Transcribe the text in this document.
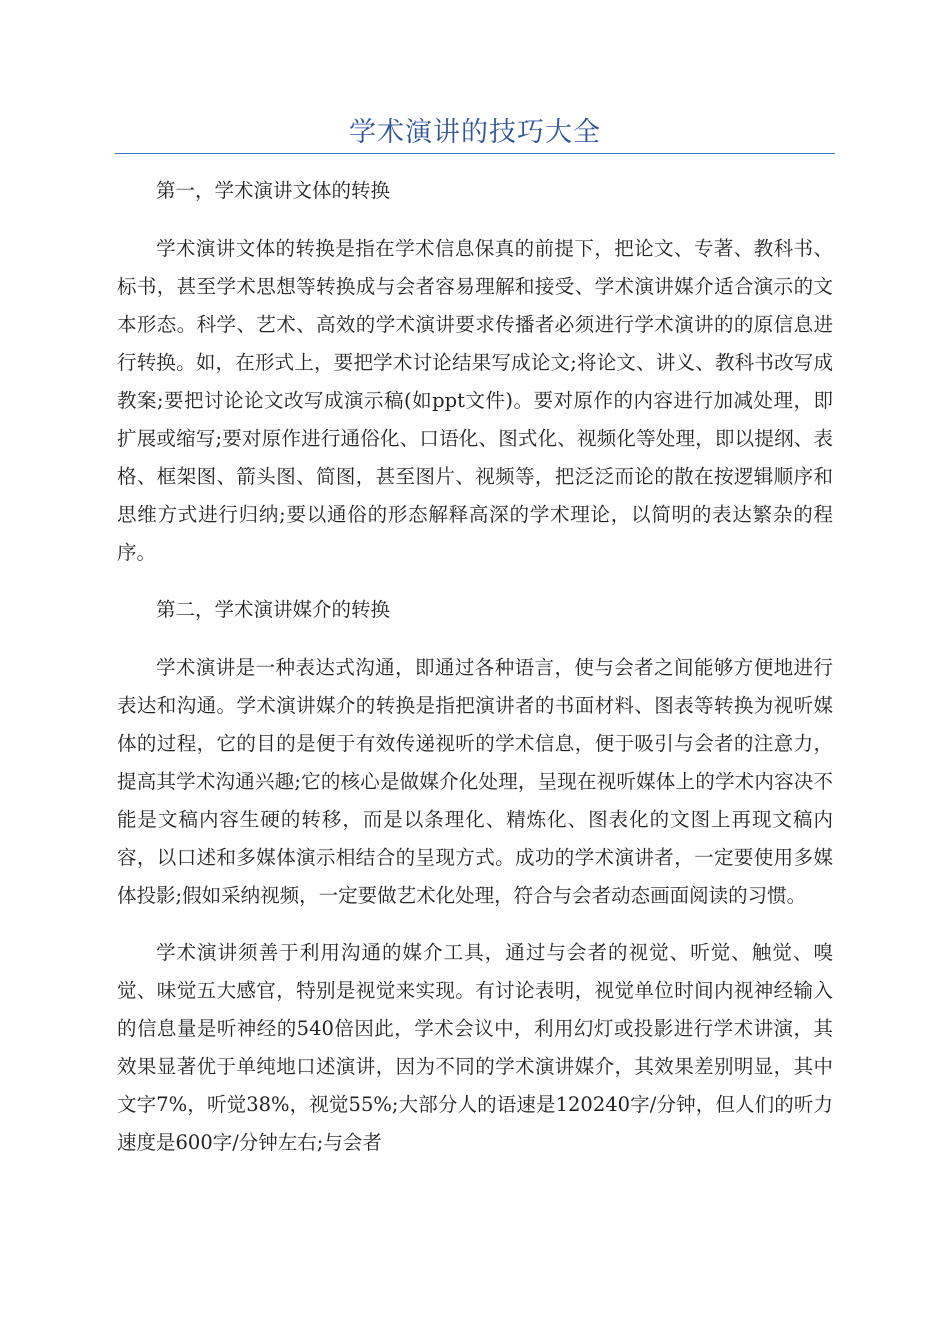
学术演讲的技巧大全

第一，学术演讲文体的转换

学术演讲文体的转换是指在学术信息保真的前提下，把论文、专著、教科书、标书，甚至学术思想等转换成与会者容易理解和接受、学术演讲媒介适合演示的文本形态。科学、艺术、高效的学术演讲要求传播者必须进行学术演讲的的原信息进行转换。如，在形式上，要把学术讨论结果写成论文;将论文、讲义、教科书改写成教案;要把讨论论文改写成演示稿(如ppt文件)。要对原作的内容进行加减处理，即扩展或缩写;要对原作进行通俗化、口语化、图式化、视频化等处理，即以提纲、表格、框架图、箭头图、简图，甚至图片、视频等，把泛泛而论的散在按逻辑顺序和思维方式进行归纳;要以通俗的形态解释高深的学术理论，以简明的表达繁杂的程序。

第二，学术演讲媒介的转换

学术演讲是一种表达式沟通，即通过各种语言，使与会者之间能够方便地进行表达和沟通。学术演讲媒介的转换是指把演讲者的书面材料、图表等转换为视听媒体的过程，它的目的是便于有效传递视听的学术信息，便于吸引与会者的注意力，提高其学术沟通兴趣;它的核心是做媒介化处理，呈现在视听媒体上的学术内容决不能是文稿内容生硬的转移，而是以条理化、精炼化、图表化的文图上再现文稿内容，以口述和多媒体演示相结合的呈现方式。成功的学术演讲者，一定要使用多媒体投影;假如采纳视频，一定要做艺术化处理，符合与会者动态画面阅读的习惯。

学术演讲须善于利用沟通的媒介工具，通过与会者的视觉、听觉、触觉、嗅觉、味觉五大感官，特别是视觉来实现。有讨论表明，视觉单位时间内视神经输入的信息量是听神经的540倍因此，学术会议中，利用幻灯或投影进行学术讲演，其效果显著优于单纯地口述演讲，因为不同的学术演讲媒介，其效果差别明显，其中文字7%，听觉38%，视觉55%;大部分人的语速是120240字/分钟，但人们的听力速度是600字/分钟左右;与会者
